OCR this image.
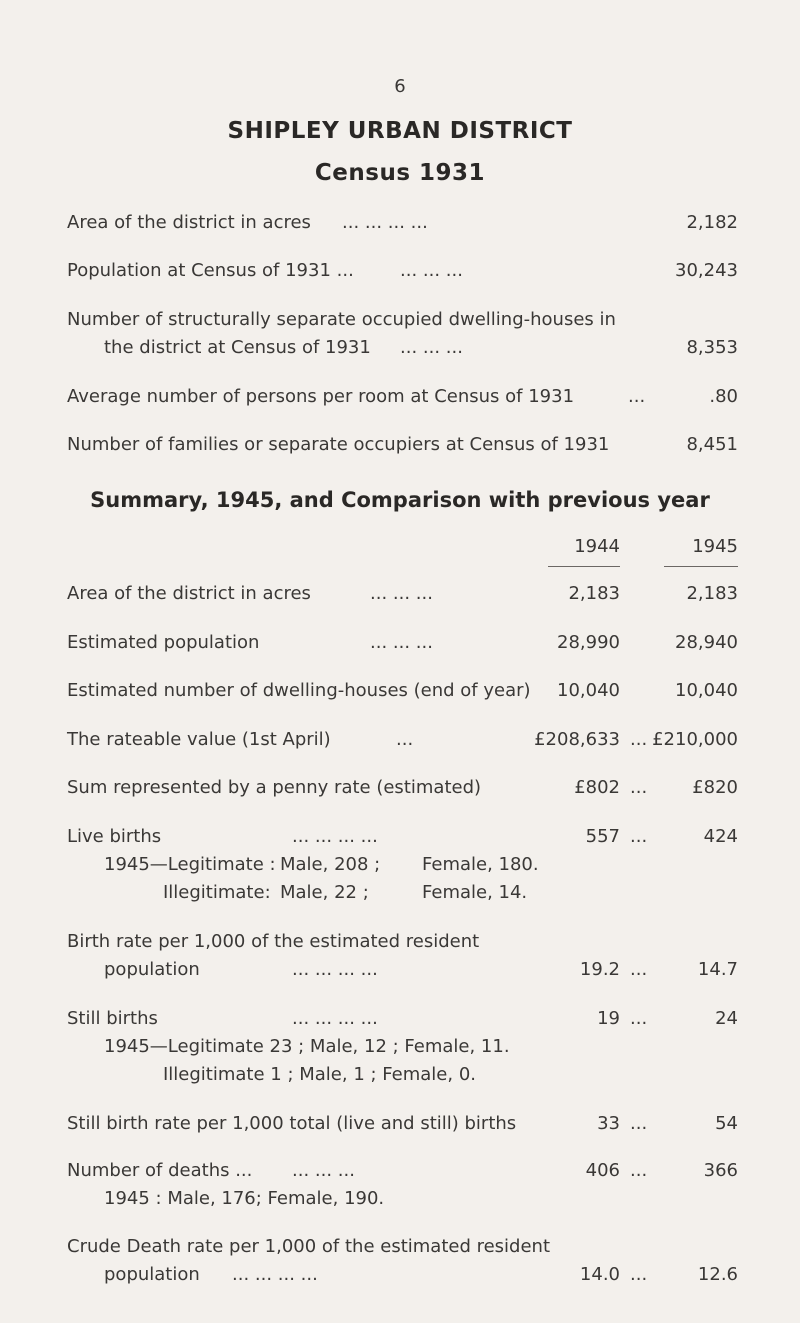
6
SHIPLEY URBAN DISTRICT
Census 1931
Area of the district in acres ... ... ... ...	2,182
Population at Census of 1931 ...	... ... ...	30,243
Number of structurally separate occupied dwelling-houses in
the district at Census of 1931 ... ... ...	8,353
Average number of persons per room at Census of 1931	...	.80
Number of families or separate occupiers at Census of 1931	8,451
Summary, 1945, and Comparison with previous year
1944	1945
Area of the district in acres	... ... ...	2,183	2,183
Estimated population	... ... ...	28,990	28,940
Estimated number of dwelling-houses (end of year)	10,040	10,040
The rateable value (1st April)	...	£208,633 ... £210,000
Sum represented by a penny rate (estimated)	£802 ...	£820
Live births	... ... ... ...	557 ...	424
1945—Legitimate : Male, 208 ; Female, 180.
Illegitimate: Male, 22 ;	Female, 14.
Birth rate per 1,000 of the estimated resident
population	... ... ... ...	19.2 ...	14.7
Still births	... ... ... ...	19 ...	24
1945—Legitimate 23 ; Male, 12 ; Female, 11.
Illegitimate 1 ; Male, 1 ; Female, 0.
Still birth rate per 1,000 total (live and still) births	33 ...	54
Number of deaths ... ... ... ...	406 ...	366
1945 : Male, 176; Female, 190.
Crude Death rate per 1,000 of the estimated resident
population ... ... ... ...	14.0 ...	12.6
